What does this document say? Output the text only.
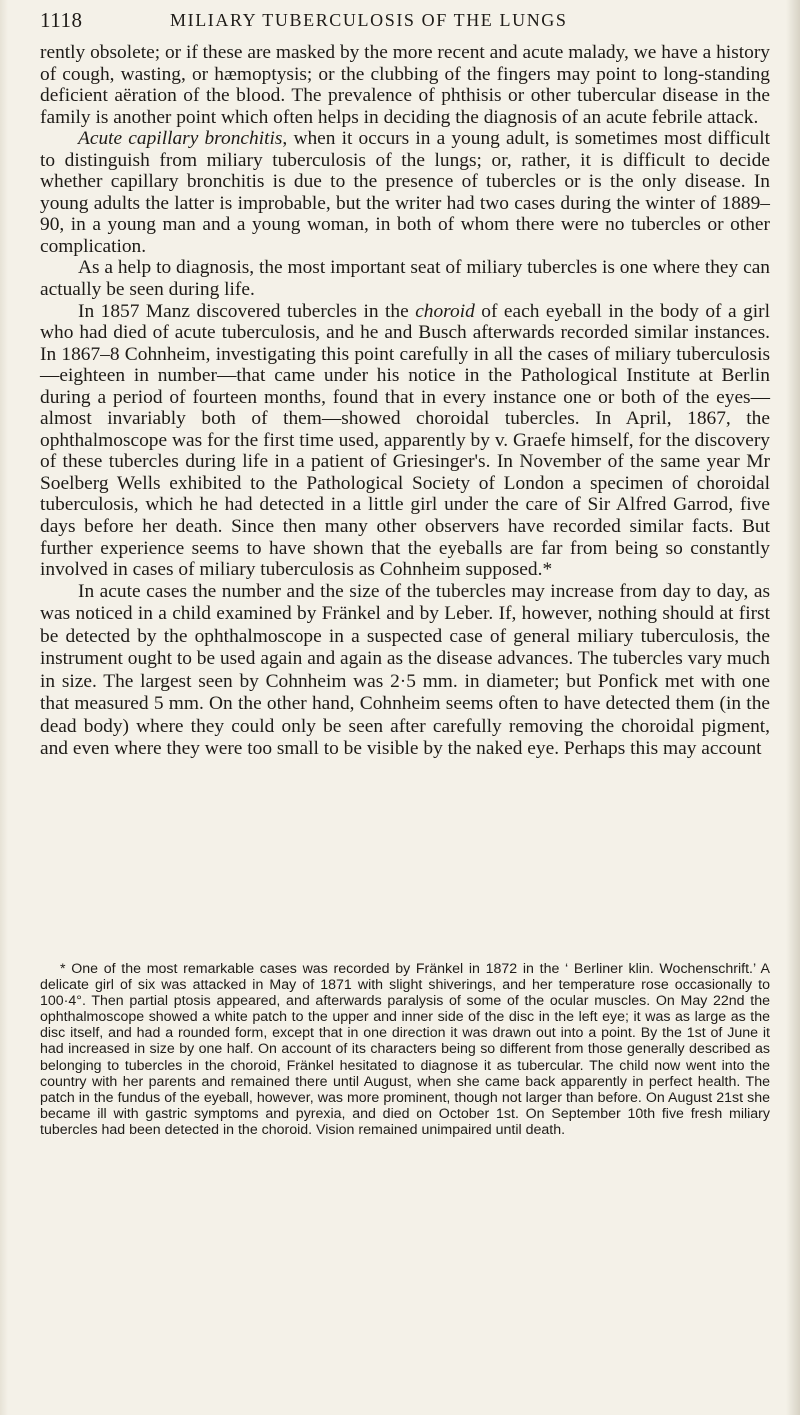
1118	MILIARY TUBERCULOSIS OF THE LUNGS

rently obsolete; or if these are masked by the more recent and acute malady, we have a history of cough, wasting, or hæmoptysis; or the clubbing of the fingers may point to long-standing deficient aëration of the blood. The prevalence of phthisis or other tubercular disease in the family is another point which often helps in deciding the diagnosis of an acute febrile attack.

Acute capillary bronchitis, when it occurs in a young adult, is sometimes most difficult to distinguish from miliary tuberculosis of the lungs; or, rather, it is difficult to decide whether capillary bronchitis is due to the presence of tubercles or is the only disease. In young adults the latter is improbable, but the writer had two cases during the winter of 1889–90, in a young man and a young woman, in both of whom there were no tubercles or other complication.

As a help to diagnosis, the most important seat of miliary tubercles is one where they can actually be seen during life.

In 1857 Manz discovered tubercles in the choroid of each eyeball in the body of a girl who had died of acute tuberculosis, and he and Busch afterwards recorded similar instances. In 1867–8 Cohnheim, investigating this point carefully in all the cases of miliary tuberculosis—eighteen in number—that came under his notice in the Pathological Institute at Berlin during a period of fourteen months, found that in every instance one or both of the eyes—almost invariably both of them—showed choroidal tubercles. In April, 1867, the ophthalmoscope was for the first time used, apparently by v. Graefe himself, for the discovery of these tubercles during life in a patient of Griesinger's. In November of the same year Mr Soelberg Wells exhibited to the Pathological Society of London a specimen of choroidal tuberculosis, which he had detected in a little girl under the care of Sir Alfred Garrod, five days before her death. Since then many other observers have recorded similar facts. But further experience seems to have shown that the eyeballs are far from being so constantly involved in cases of miliary tuberculosis as Cohnheim supposed.*

In acute cases the number and the size of the tubercles may increase from day to day, as was noticed in a child examined by Fränkel and by Leber. If, however, nothing should at first be detected by the ophthalmoscope in a suspected case of general miliary tuberculosis, the instrument ought to be used again and again as the disease advances. The tubercles vary much in size. The largest seen by Cohnheim was 2·5 mm. in diameter; but Ponfick met with one that measured 5 mm. On the other hand, Cohnheim seems often to have detected them (in the dead body) where they could only be seen after carefully removing the choroidal pigment, and even where they were too small to be visible by the naked eye. Perhaps this may account

* One of the most remarkable cases was recorded by Fränkel in 1872 in the ‘ Berliner klin. Wochenschrift.’ A delicate girl of six was attacked in May of 1871 with slight shiverings, and her temperature rose occasionally to 100·4°. Then partial ptosis appeared, and afterwards paralysis of some of the ocular muscles. On May 22nd the ophthalmoscope showed a white patch to the upper and inner side of the disc in the left eye; it was as large as the disc itself, and had a rounded form, except that in one direction it was drawn out into a point. By the 1st of June it had increased in size by one half. On account of its characters being so different from those generally described as belonging to tubercles in the choroid, Fränkel hesitated to diagnose it as tubercular. The child now went into the country with her parents and remained there until August, when she came back apparently in perfect health. The patch in the fundus of the eyeball, however, was more prominent, though not larger than before. On August 21st she became ill with gastric symptoms and pyrexia, and died on October 1st. On September 10th five fresh miliary tubercles had been detected in the choroid. Vision remained unimpaired until death.
